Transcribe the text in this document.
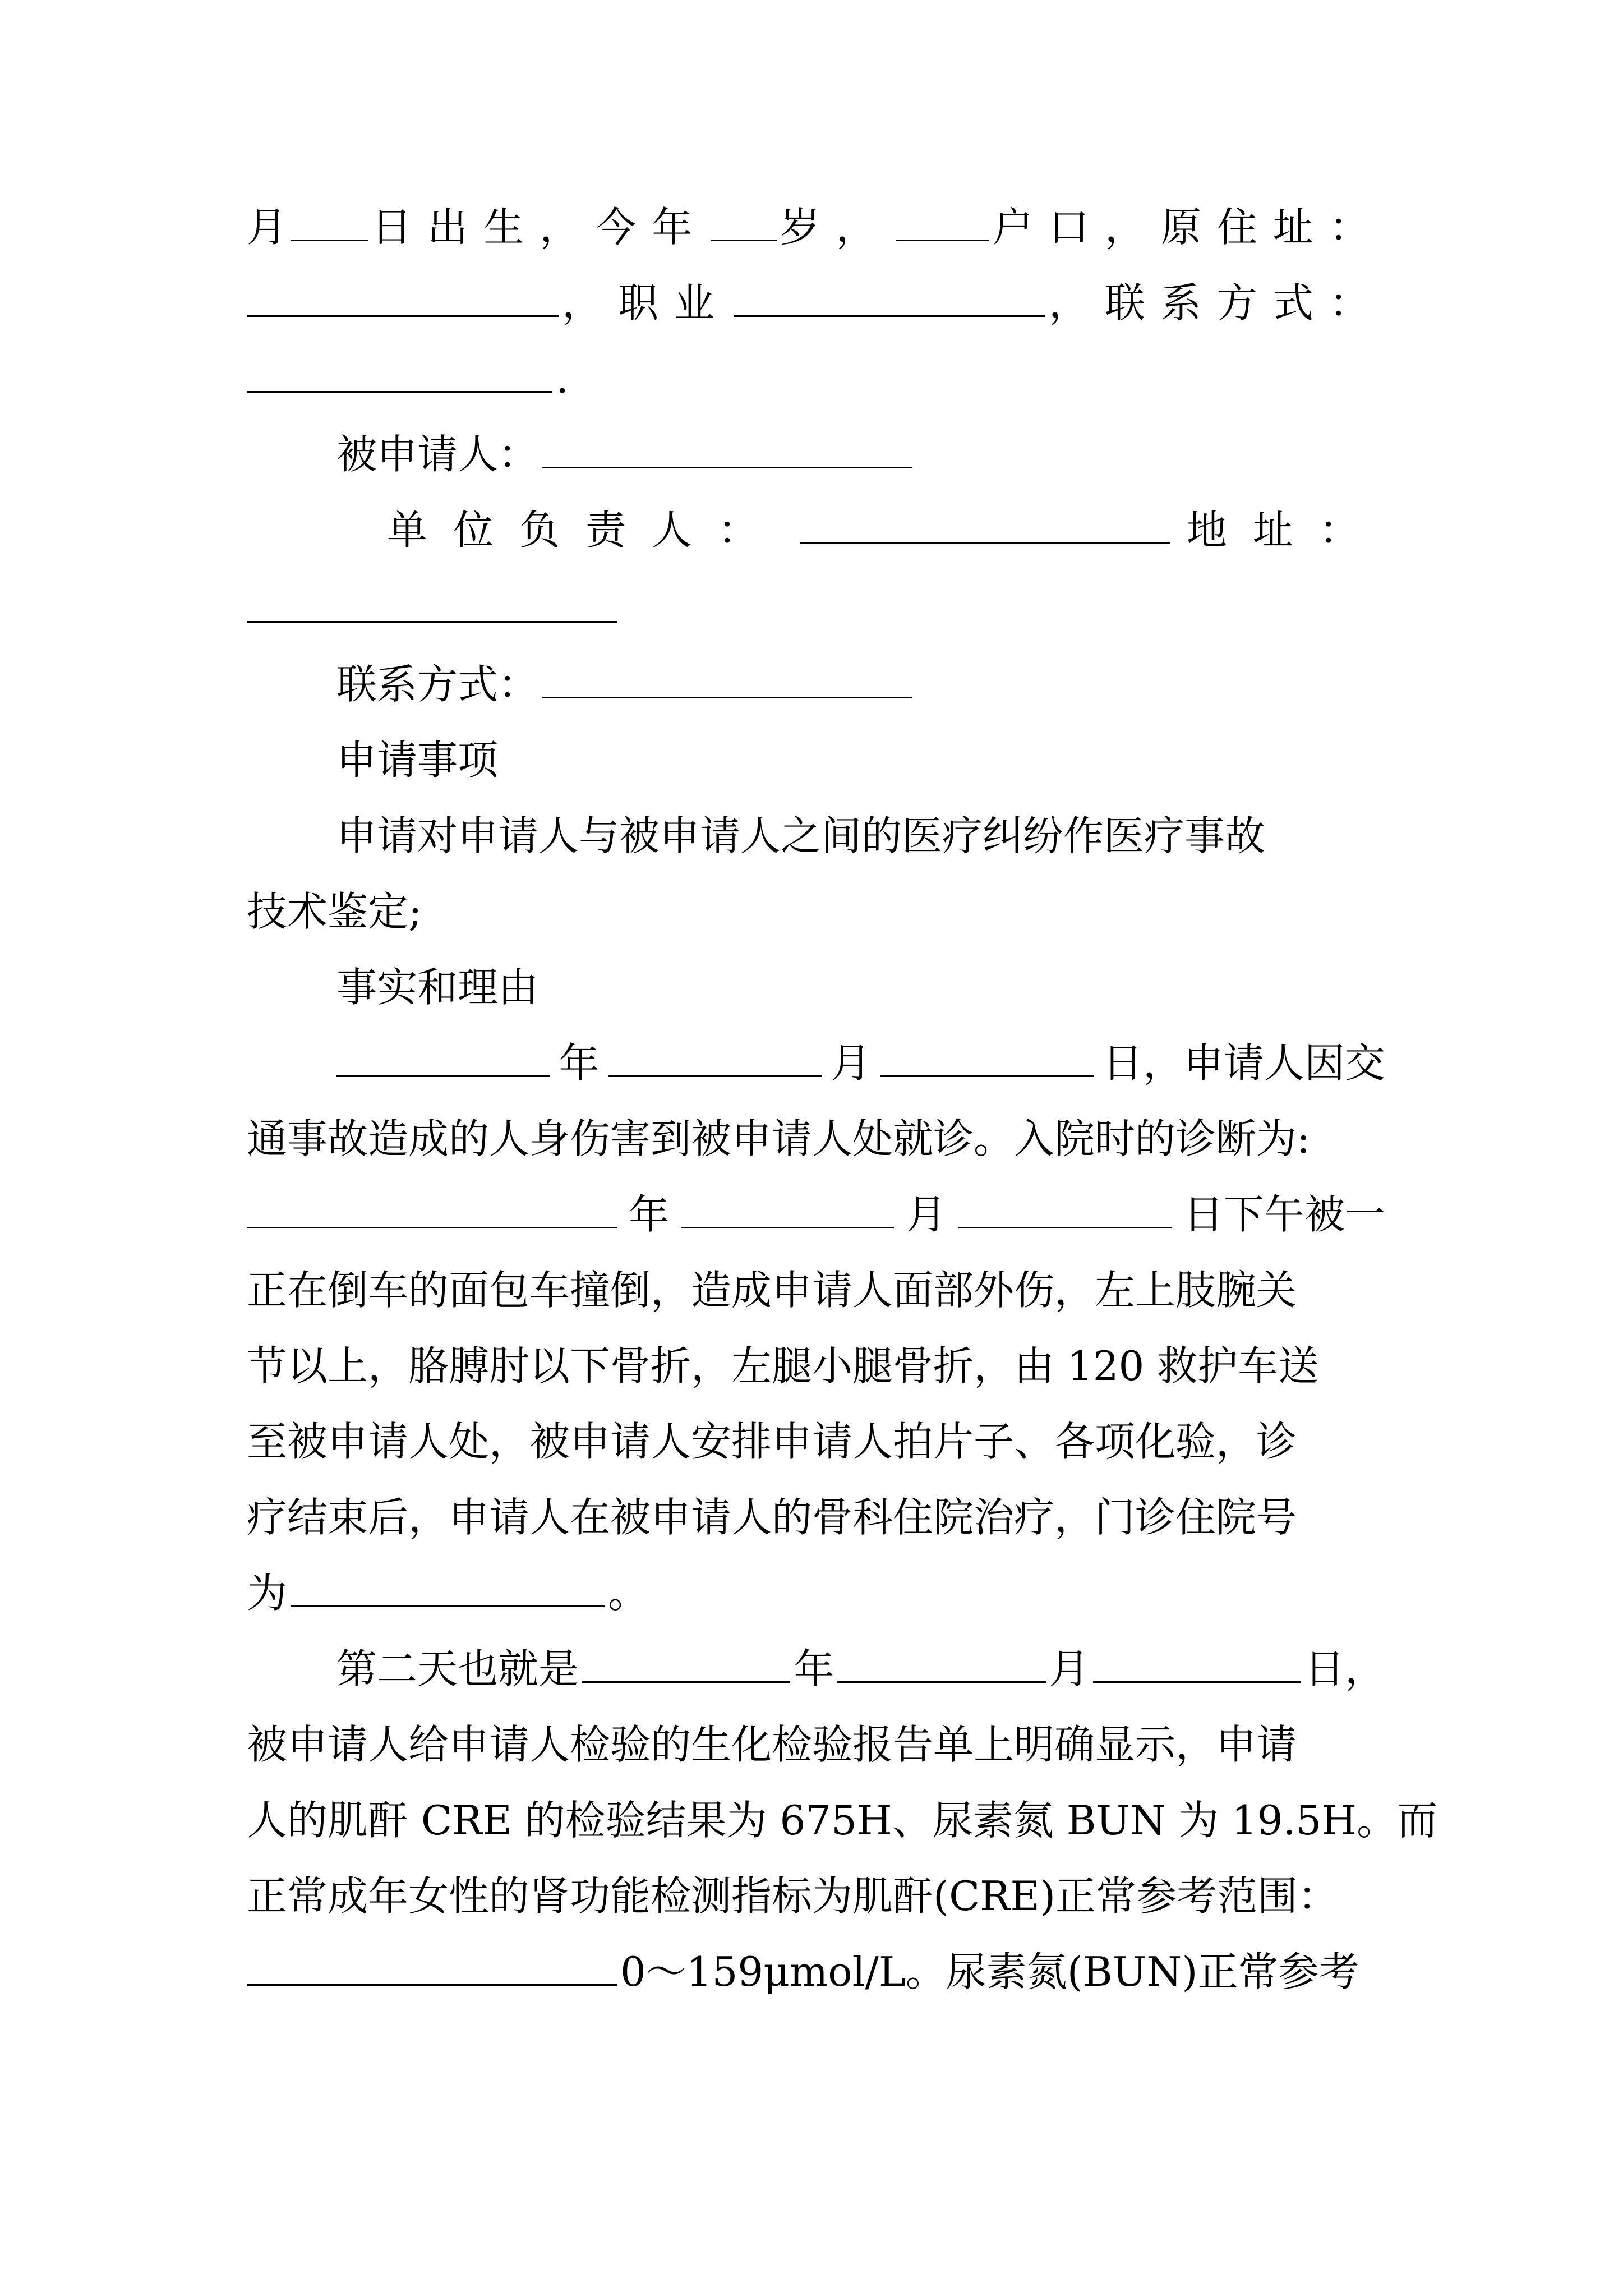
月 日出生，今年 岁， 户口，原住址：
，职业	，联系方式：
.
被申请人：
单位负责人：	地址：
联系方式：
申请事项
申请对申请人与被申请人之间的医疗纠纷作医疗事故
技术鉴定;
事实和理由
年	月	日，申请人因交
通事故造成的人身伤害到被申请人处就诊。入院时的诊断为:
年	月	日下午被一
正在倒车的面包车撞倒，造成申请人面部外伤，左上肢腕关
节以上，胳膊肘以下骨折，左腿小腿骨折，由 120 救护车送
至被申请人处，被申请人安排申请人拍片子、各项化验，诊
疗结束后，申请人在被申请人的骨科住院治疗，门诊住院号
为	。
第二天也就是	年	月	日，
被申请人给申请人检验的生化检验报告单上明确显示，申请
人的肌酐 CRE 的检验结果为 675H、尿素氮 BUN 为 19.5H。而
正常成年女性的肾功能检测指标为肌酐(CRE)正常参考范围：
0～159μmol/L。尿素氮(BUN)正常参考
